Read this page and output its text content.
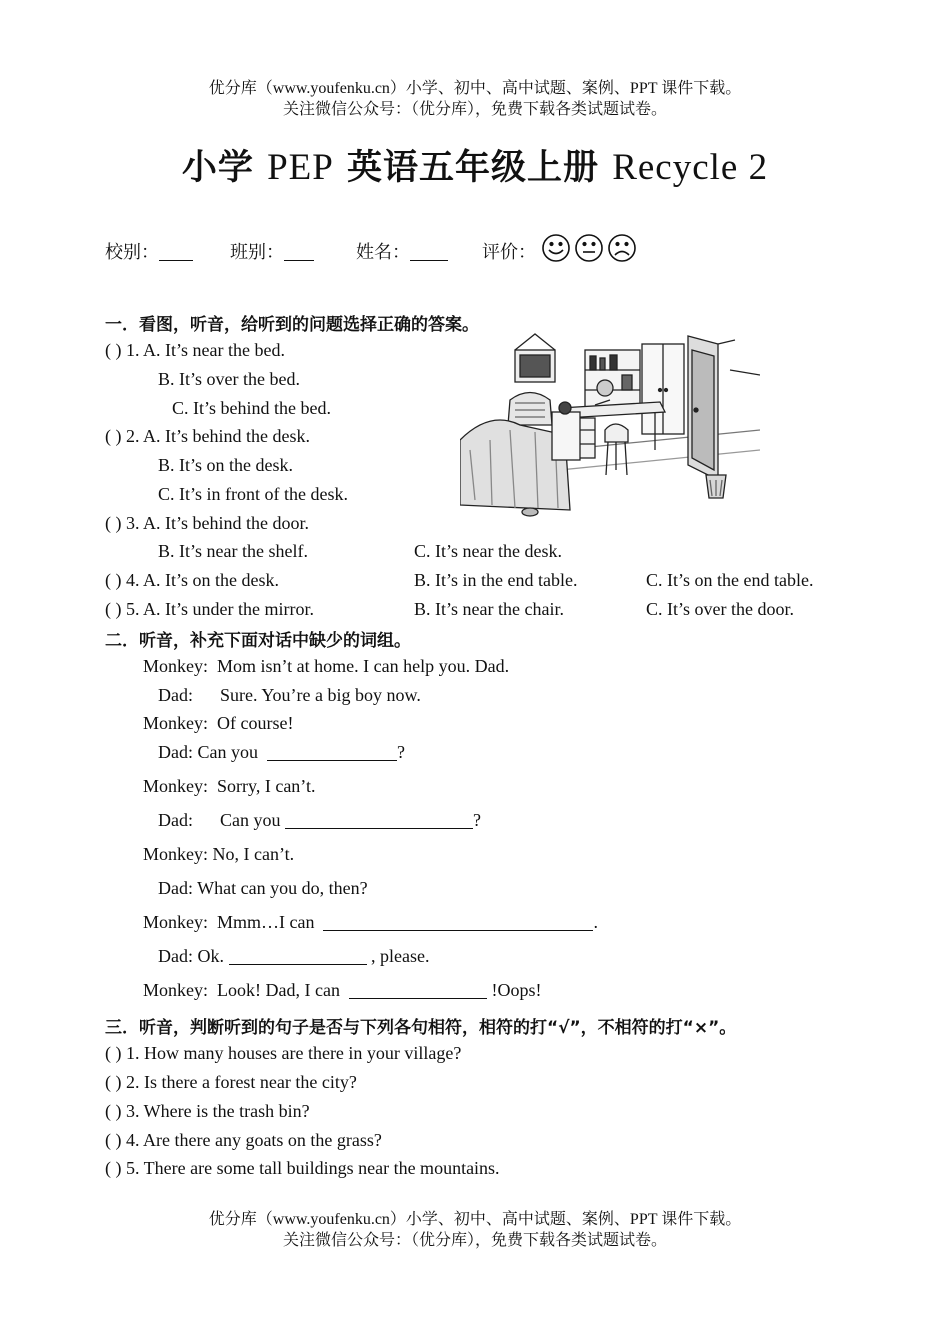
优分库（www.youfenku.cn）小学、初中、高中试题、案例、PPT 课件下载。
关注微信公众号：（优分库），免费下载各类试题试卷。
小学 PEP 英语五年级上册 Recycle 2
校别：	班别：	姓名：	评价：
一．看图，听音，给听到的问题选择正确的答案。
( ) 1. A. It’s near the bed.
B. It’s over the bed.
C. It’s behind the bed.
( ) 2. A. It’s behind the desk.
B. It’s on the desk.
C. It’s in front of the desk.
( ) 3. A. It’s behind the door.
B. It’s near the shelf.	C. It’s near the desk.
( ) 4. A. It’s on the desk.	B. It’s in the end table.	C. It’s on the end table.
( ) 5. A. It’s under the mirror.	B. It’s near the chair.	C. It’s over the door.
二．听音，补充下面对话中缺少的词组。
Monkey: Mom isn’t at home. I can help you. Dad.
Dad: Sure. You’re a big boy now.
Monkey: Of course!
Dad: Can you	?
Monkey: Sorry, I can’t.
Dad: Can you	?
Monkey: No, I can’t.
Dad: What can you do, then?
Monkey: Mmm…I can	.
Dad: Ok.	, please.
Monkey: Look! Dad, I can	!Oops!
三．听音，判断听到的句子是否与下列各句相符，相符的打“√”，不相符的打“×”。
( ) 1. How many houses are there in your village?
( ) 2. Is there a forest near the city?
( ) 3. Where is the trash bin?
( ) 4. Are there any goats on the grass?
( ) 5. There are some tall buildings near the mountains.
优分库（www.youfenku.cn）小学、初中、高中试题、案例、PPT 课件下载。
关注微信公众号：（优分库），免费下载各类试题试卷。
